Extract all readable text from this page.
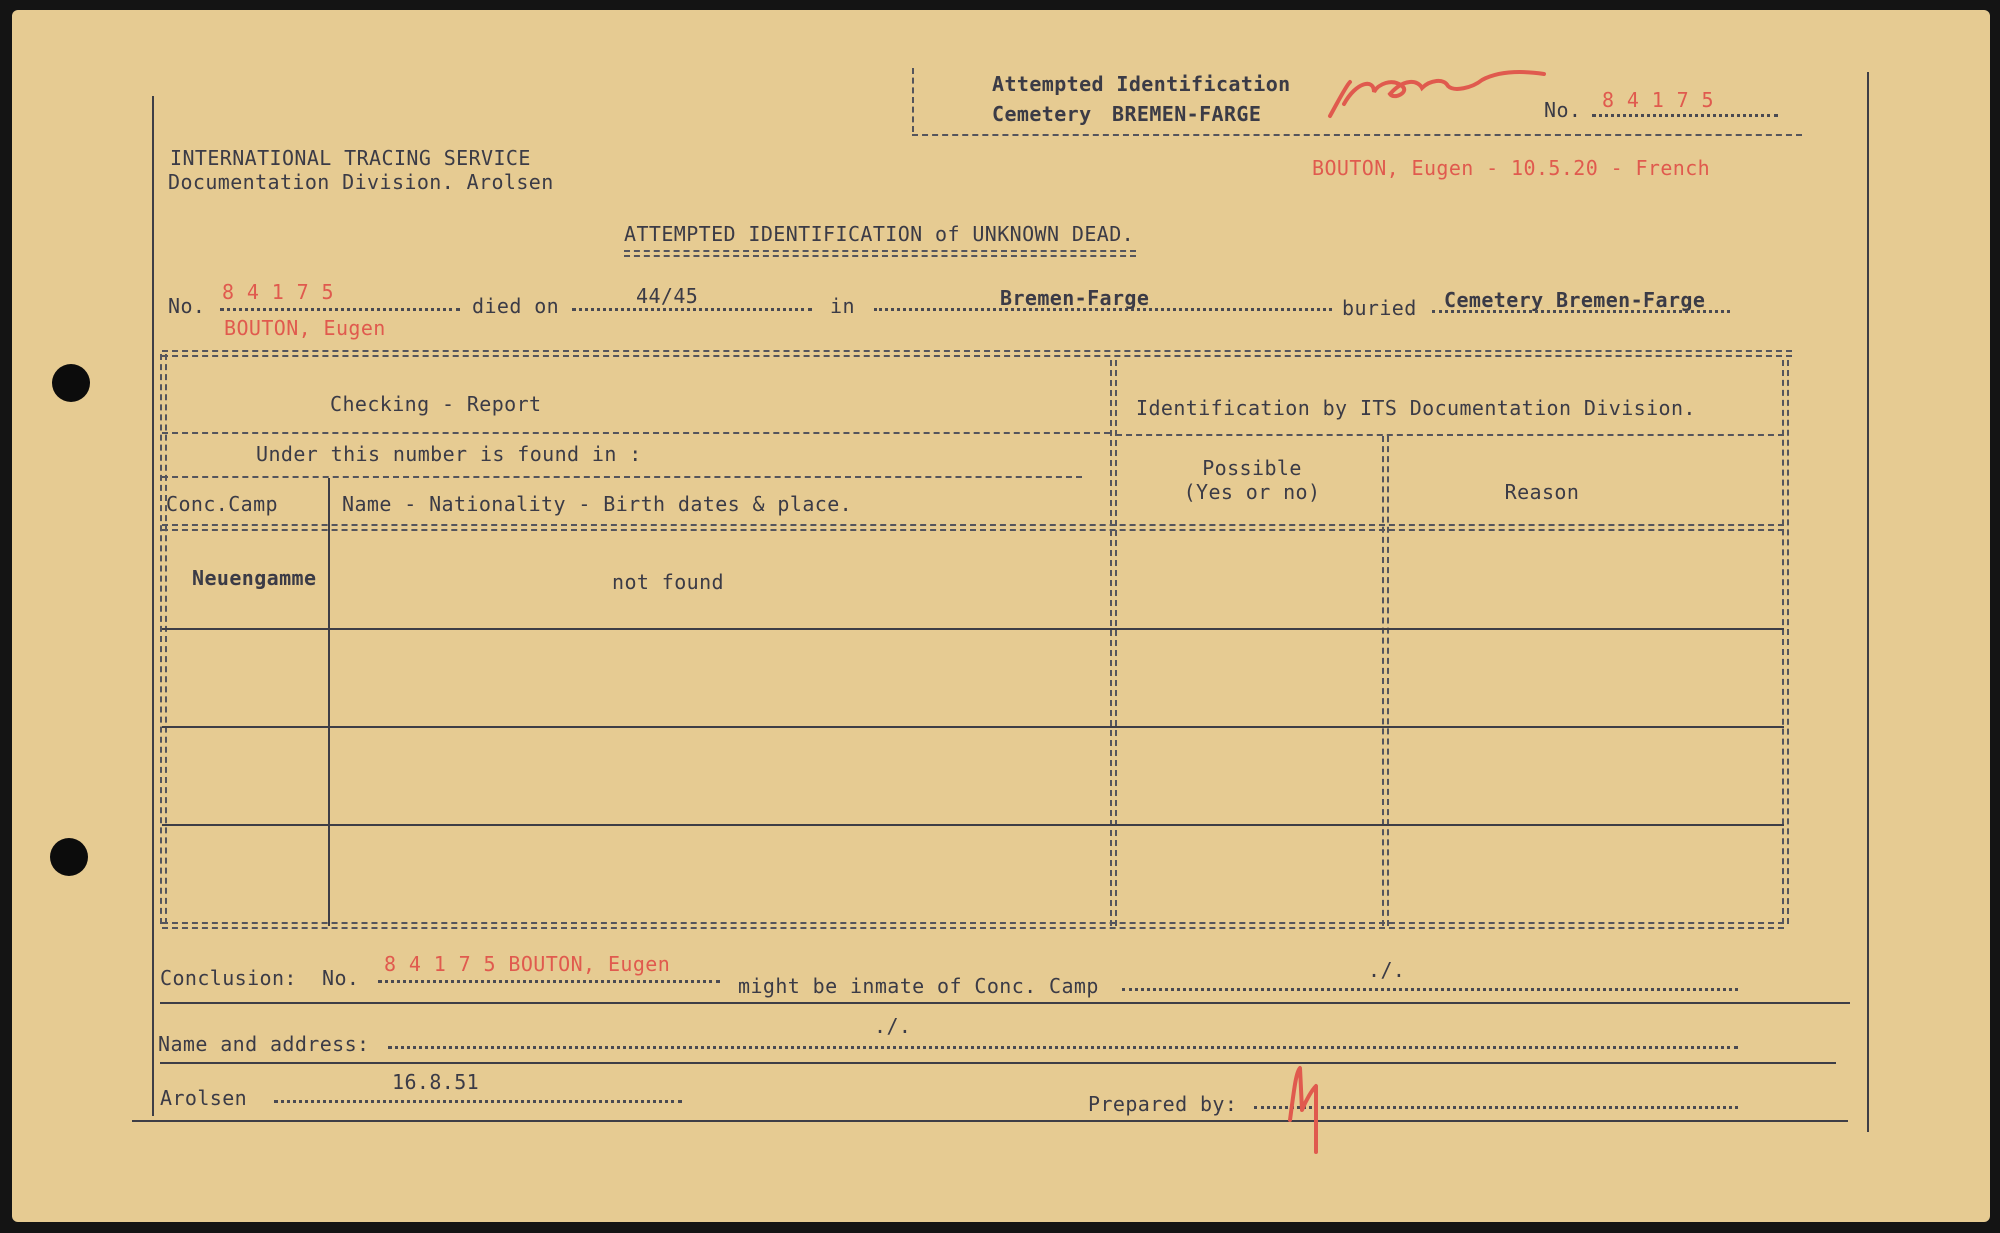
Attempted Identification
Cemetery BREMEN-FARGE	No. 8 4 1 7 5
INTERNATIONAL TRACING SERVICE
Documentation Division. Arolsen
BOUTON, Eugen - 10.5.20 - French
ATTEMPTED IDENTIFICATION of UNKNOWN DEAD.
No.
8 4 1 7 5
BOUTON, Eugen
died on	44/45	in	Bremen-Farge	buried Cemetery Bremen-Farge
Checking - Report	Identification by ITS Documentation Division.
Under this number is found in :
Conc.Camp	Name - Nationality - Birth dates & place.
Possible
(Yes or no)	Reason
Neuengamme	not found
Conclusion: No.
8 4 1 7 5 BOUTON, Eugen
might be inmate of Conc. Camp
./.
Name and address:
./.
Arolsen
16.8.51
Prepared by:
